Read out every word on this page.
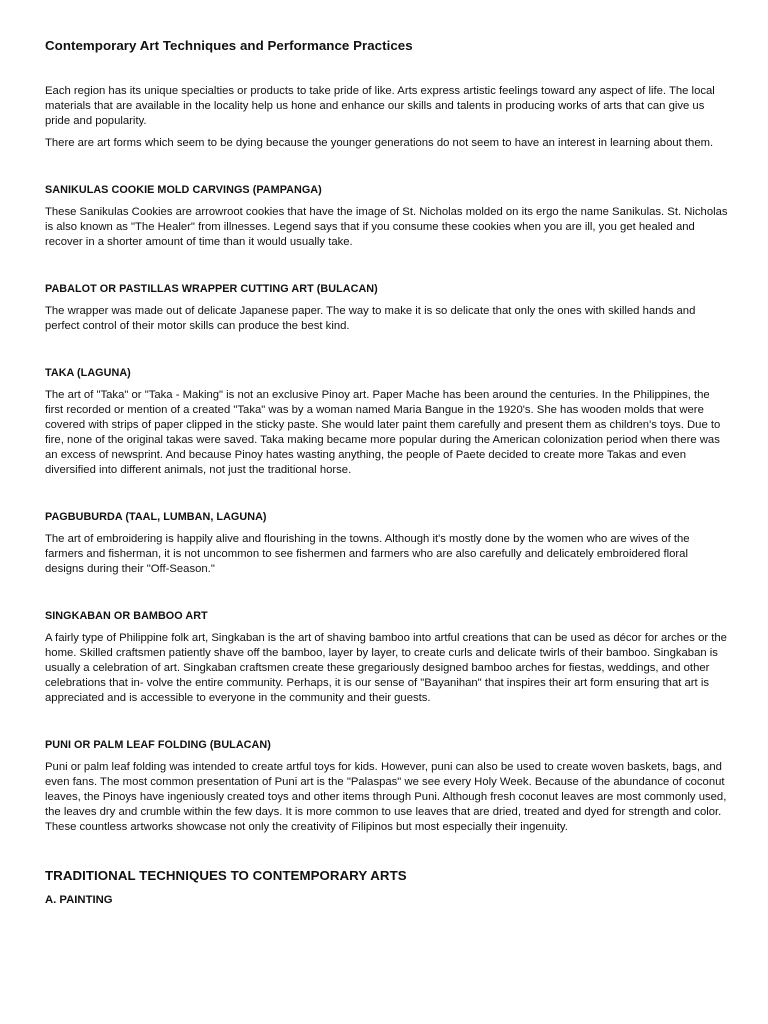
Contemporary Art Techniques and Performance Practices

Each region has its unique specialties or products to take pride of like. Arts express artistic feelings toward any aspect of life. The local materials that are available in the locality help us hone and enhance our skills and talents in producing works of arts that can give us pride and popularity.

There are art forms which seem to be dying because the younger generations do not seem to have an interest in learning about them.

SANIKULAS COOKIE MOLD CARVINGS (PAMPANGA)

These Sanikulas Cookies are arrowroot cookies that have the image of St. Nicholas molded on its ergo the name Sanikulas. St. Nicholas is also known as "The Healer" from illnesses. Legend says that if you consume these cookies when you are ill, you get healed and recover in a shorter amount of time than it would usually take.

PABALOT OR PASTILLAS WRAPPER CUTTING ART (BULACAN)

The wrapper was made out of delicate Japanese paper. The way to make it is so delicate that only the ones with skilled hands and perfect control of their motor skills can produce the best kind.

TAKA (LAGUNA)

The art of "Taka" or "Taka - Making" is not an exclusive Pinoy art. Paper Mache has been around the centuries. In the Philippines, the first recorded or mention of a created "Taka" was by a woman named Maria Bangue in the 1920's. She has wooden molds that were covered with strips of paper clipped in the sticky paste. She would later paint them carefully and present them as children's toys. Due to fire, none of the original takas were saved. Taka making became more popular during the American colonization period when there was an excess of newsprint. And because Pinoy hates wasting anything, the people of Paete decided to create more Takas and even diversified into different animals, not just the traditional horse.

PAGBUBURDA (TAAL, LUMBAN, LAGUNA)

The art of embroidering is happily alive and flourishing in the towns. Although it's mostly done by the women who are wives of the farmers and fisherman, it is not uncommon to see fishermen and farmers who are also carefully and delicately embroidered floral designs during their "Off-Season."

SINGKABAN OR BAMBOO ART

A fairly type of Philippine folk art, Singkaban is the art of shaving bamboo into artful creations that can be used as décor for arches or the home. Skilled craftsmen patiently shave off the bamboo, layer by layer, to create curls and delicate twirls of their bamboo. Singkaban is usually a celebration of art. Singkaban craftsmen create these gregariously designed bamboo arches for fiestas, weddings, and other celebrations that in- volve the entire community. Perhaps, it is our sense of "Bayanihan" that inspires their art form ensuring that art is appreciated and is accessible to everyone in the community and their guests.

PUNI OR PALM LEAF FOLDING (BULACAN)

Puni or palm leaf folding was intended to create artful toys for kids. However, puni can also be used to create woven baskets, bags, and even fans. The most common presentation of Puni art is the "Palaspas" we see every Holy Week. Because of the abundance of coconut leaves, the Pinoys have ingeniously created toys and other items through Puni. Although fresh coconut leaves are most commonly used, the leaves dry and crumble within the few days. It is more common to use leaves that are dried, treated and dyed for strength and color. These countless artworks showcase not only the creativity of Filipinos but most especially their ingenuity.

TRADITIONAL TECHNIQUES TO CONTEMPORARY ARTS
A. PAINTING
